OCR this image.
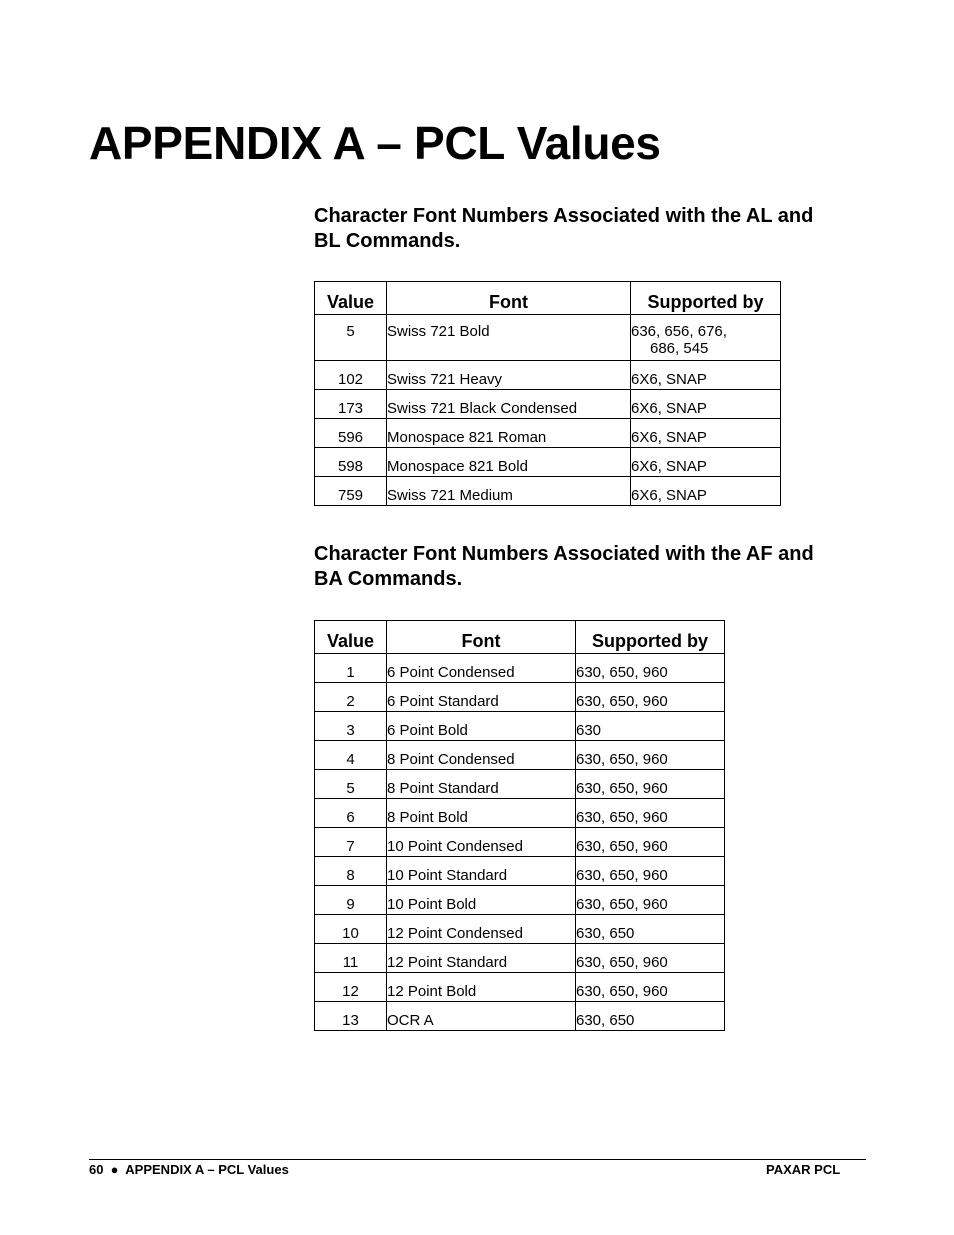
APPENDIX A – PCL Values
Character Font Numbers Associated with the AL and
BL Commands.
Value	Font	Supported by
5	Swiss 721 Bold	636, 656, 676,
686, 545

102	Swiss 721 Heavy	6X6, SNAP
173	Swiss 721 Black Condensed	6X6, SNAP
596	Monospace 821 Roman	6X6, SNAP
598	Monospace 821 Bold	6X6, SNAP
759	Swiss 721 Medium	6X6, SNAP
Character Font Numbers Associated with the AF and
BA Commands.
Value	Font	Supported by
1	6 Point Condensed	630, 650, 960
2	6 Point Standard	630, 650, 960
3	6 Point Bold	630
4	8 Point Condensed	630, 650, 960
5	8 Point Standard	630, 650, 960
6	8 Point Bold	630, 650, 960
7	10 Point Condensed	630, 650, 960
8	10 Point Standard	630, 650, 960
9	10 Point Bold	630, 650, 960
10	12 Point Condensed	630, 650
11	12 Point Standard	630, 650, 960
12	12 Point Bold	630, 650, 960
13	OCR A	630, 650
60  ●  APPENDIX A – PCL Values	PAXAR PCL
